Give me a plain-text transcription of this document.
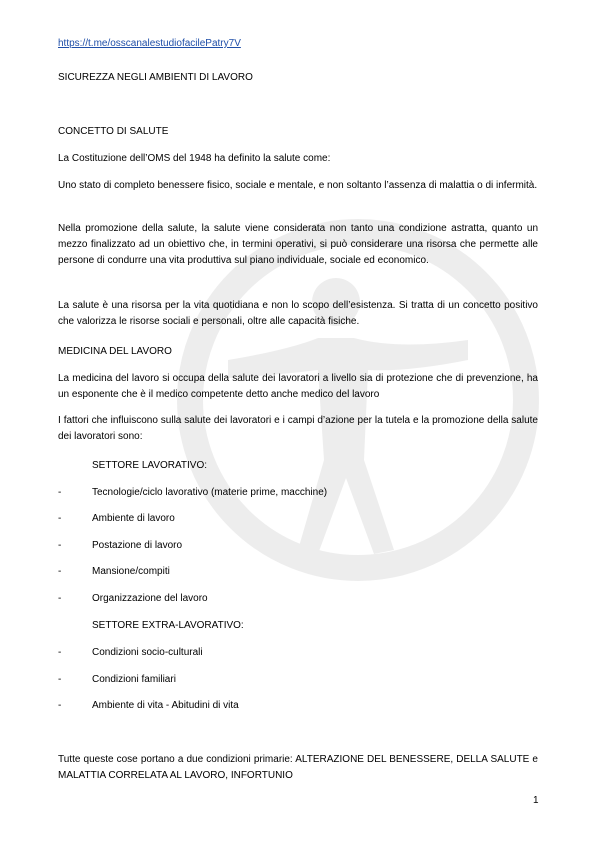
https://t.me/osscanalestudiofacilePatry7V
SICUREZZA NEGLI AMBIENTI DI LAVORO
CONCETTO DI SALUTE
La Costituzione dell’OMS del 1948 ha definito la salute come:
Uno stato di completo benessere fisico, sociale e mentale, e non soltanto l’assenza di malattia o di infermità.
Nella promozione della salute, la salute viene considerata non tanto una condizione astratta, quanto un mezzo finalizzato ad un obiettivo che, in termini operativi, si può considerare una risorsa che permette alle persone di condurre una vita produttiva sul piano individuale, sociale ed economico.
La salute è una risorsa per la vita quotidiana e non lo scopo dell’esistenza. Si tratta di un concetto positivo che valorizza le risorse sociali e personali, oltre alle capacità fisiche.
MEDICINA DEL LAVORO
La medicina del lavoro si occupa della salute dei lavoratori a livello sia di protezione che di prevenzione, ha un esponente che è il medico competente detto anche medico del lavoro
I fattori che influiscono sulla salute dei lavoratori e i campi d’azione per la tutela e la promozione della salute dei lavoratori sono:
SETTORE LAVORATIVO:
-	Tecnologie/ciclo lavorativo (materie prime, macchine)
-	Ambiente di lavoro
-	Postazione di lavoro
-	Mansione/compiti
-	Organizzazione del lavoro
SETTORE EXTRA-LAVORATIVO:
-	Condizioni socio-culturali
-	Condizioni familiari
-	Ambiente di vita - Abitudini di vita
Tutte queste cose portano a due condizioni primarie: ALTERAZIONE DEL BENESSERE, DELLA SALUTE e MALATTIA CORRELATA AL LAVORO, INFORTUNIO
1
